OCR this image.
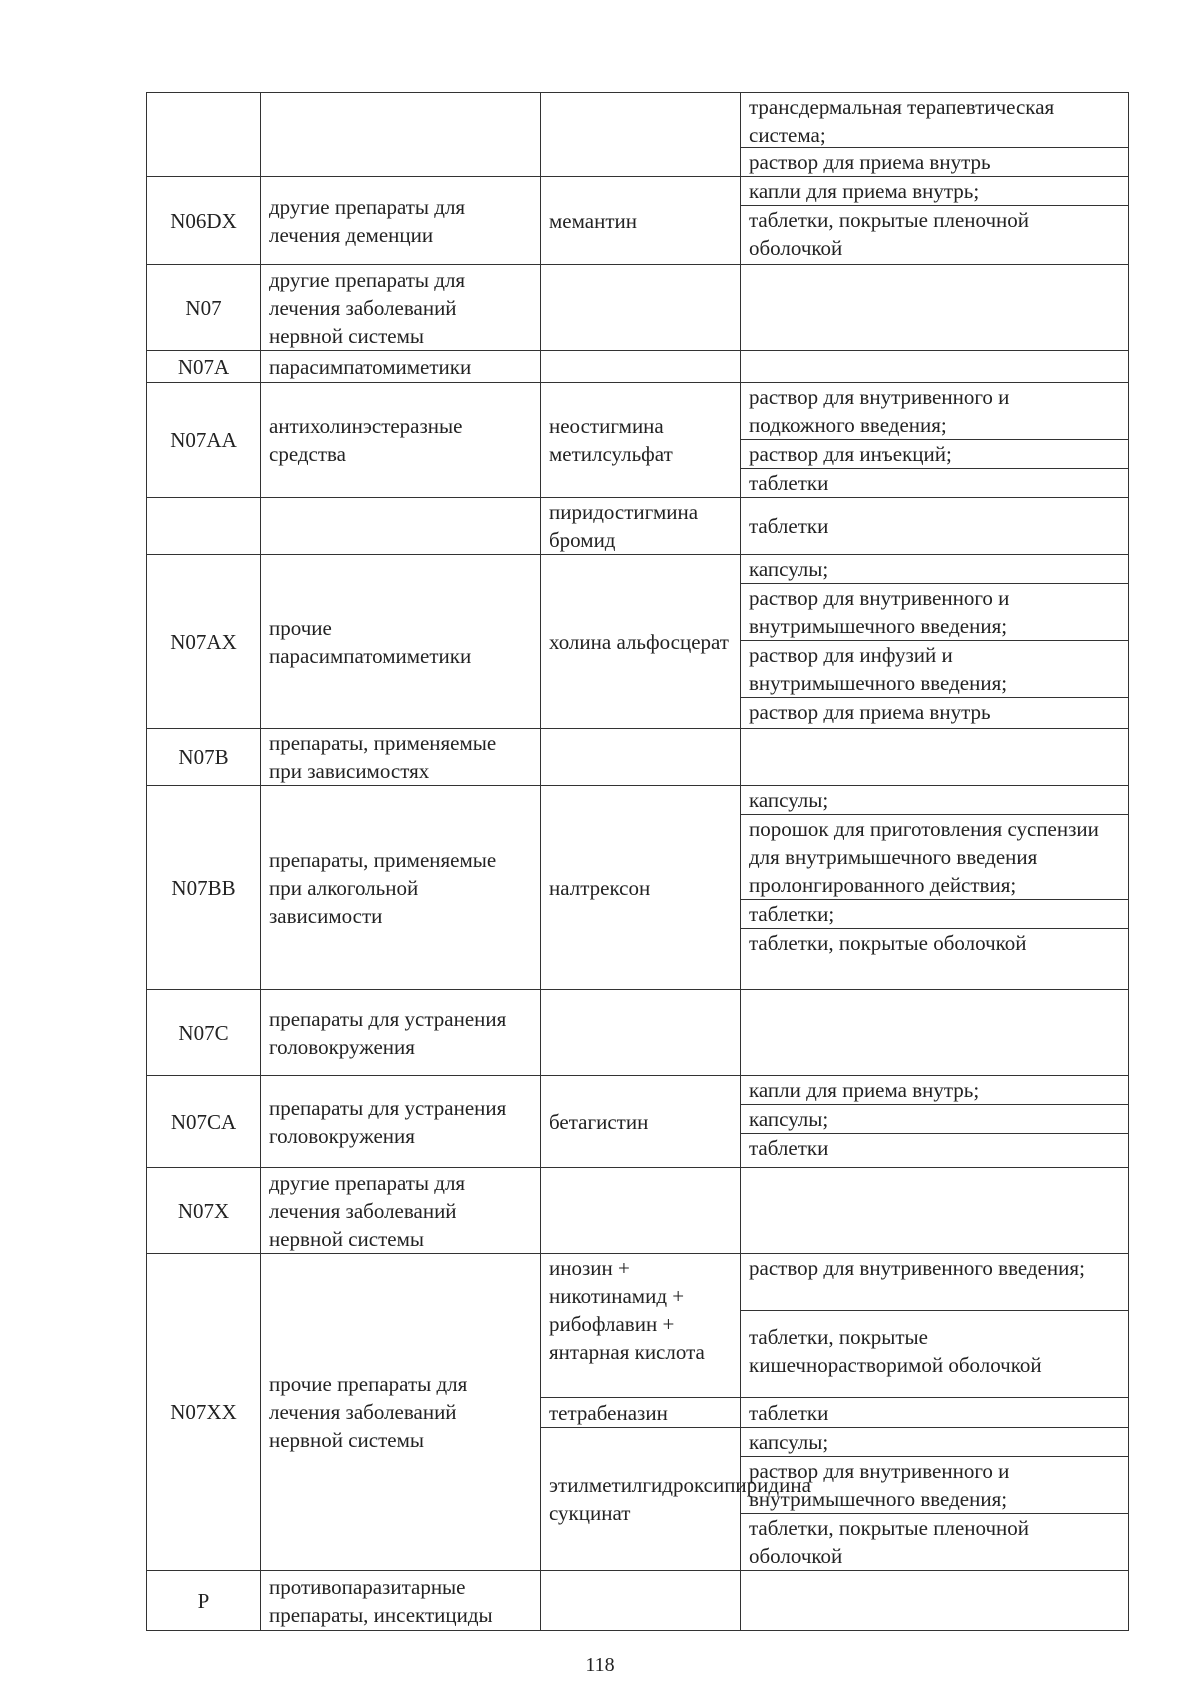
			трансдермальная терапевтическая система;
раствор для приема внутрь

N06DX	другие препараты для лечения деменции	мемантин	капли для приема внутрь;
таблетки, покрытые пленочной оболочкой

N07	другие препараты для лечения заболеваний нервной системы		
N07A	парасимпатомиметики		
N07AA	антихолинэстеразные средства	неостигмина метилсульфат	раствор для внутривенного и подкожного введения;
раствор для инъекций;
таблетки

		пиридостигмина бромид	таблетки
N07AX	прочие парасимпатомиметики	холина альфосцерат	капсулы;
раствор для внутривенного и внутримышечного введения;
раствор для инфузий и внутримышечного введения;
раствор для приема внутрь

N07B	препараты, применяемые при зависимостях		
N07BB	препараты, применяемые при алкогольной зависимости	налтрексон	капсулы;
порошок для приготовления суспензии для внутримышечного введения пролонгированного действия;
таблетки;
таблетки, покрытые оболочкой

N07C	препараты для устранения головокружения		
N07CA	препараты для устранения головокружения	бетагистин	капли для приема внутрь;
капсулы;
таблетки

N07X	другие препараты для лечения заболеваний нервной системы		
N07XX	прочие препараты для лечения заболеваний нервной системы	инозин + никотинамид + рибофлавин + янтарная кислота	раствор для внутривенного введения;
таблетки, покрытые кишечнорастворимой оболочкой

		тетрабеназин	таблетки
		этилметилгидроксипиридина сукцинат	капсулы;
раствор для внутривенного и внутримышечного введения;
таблетки, покрытые пленочной оболочкой

P	противопаразитарные препараты, инсектициды		
118
